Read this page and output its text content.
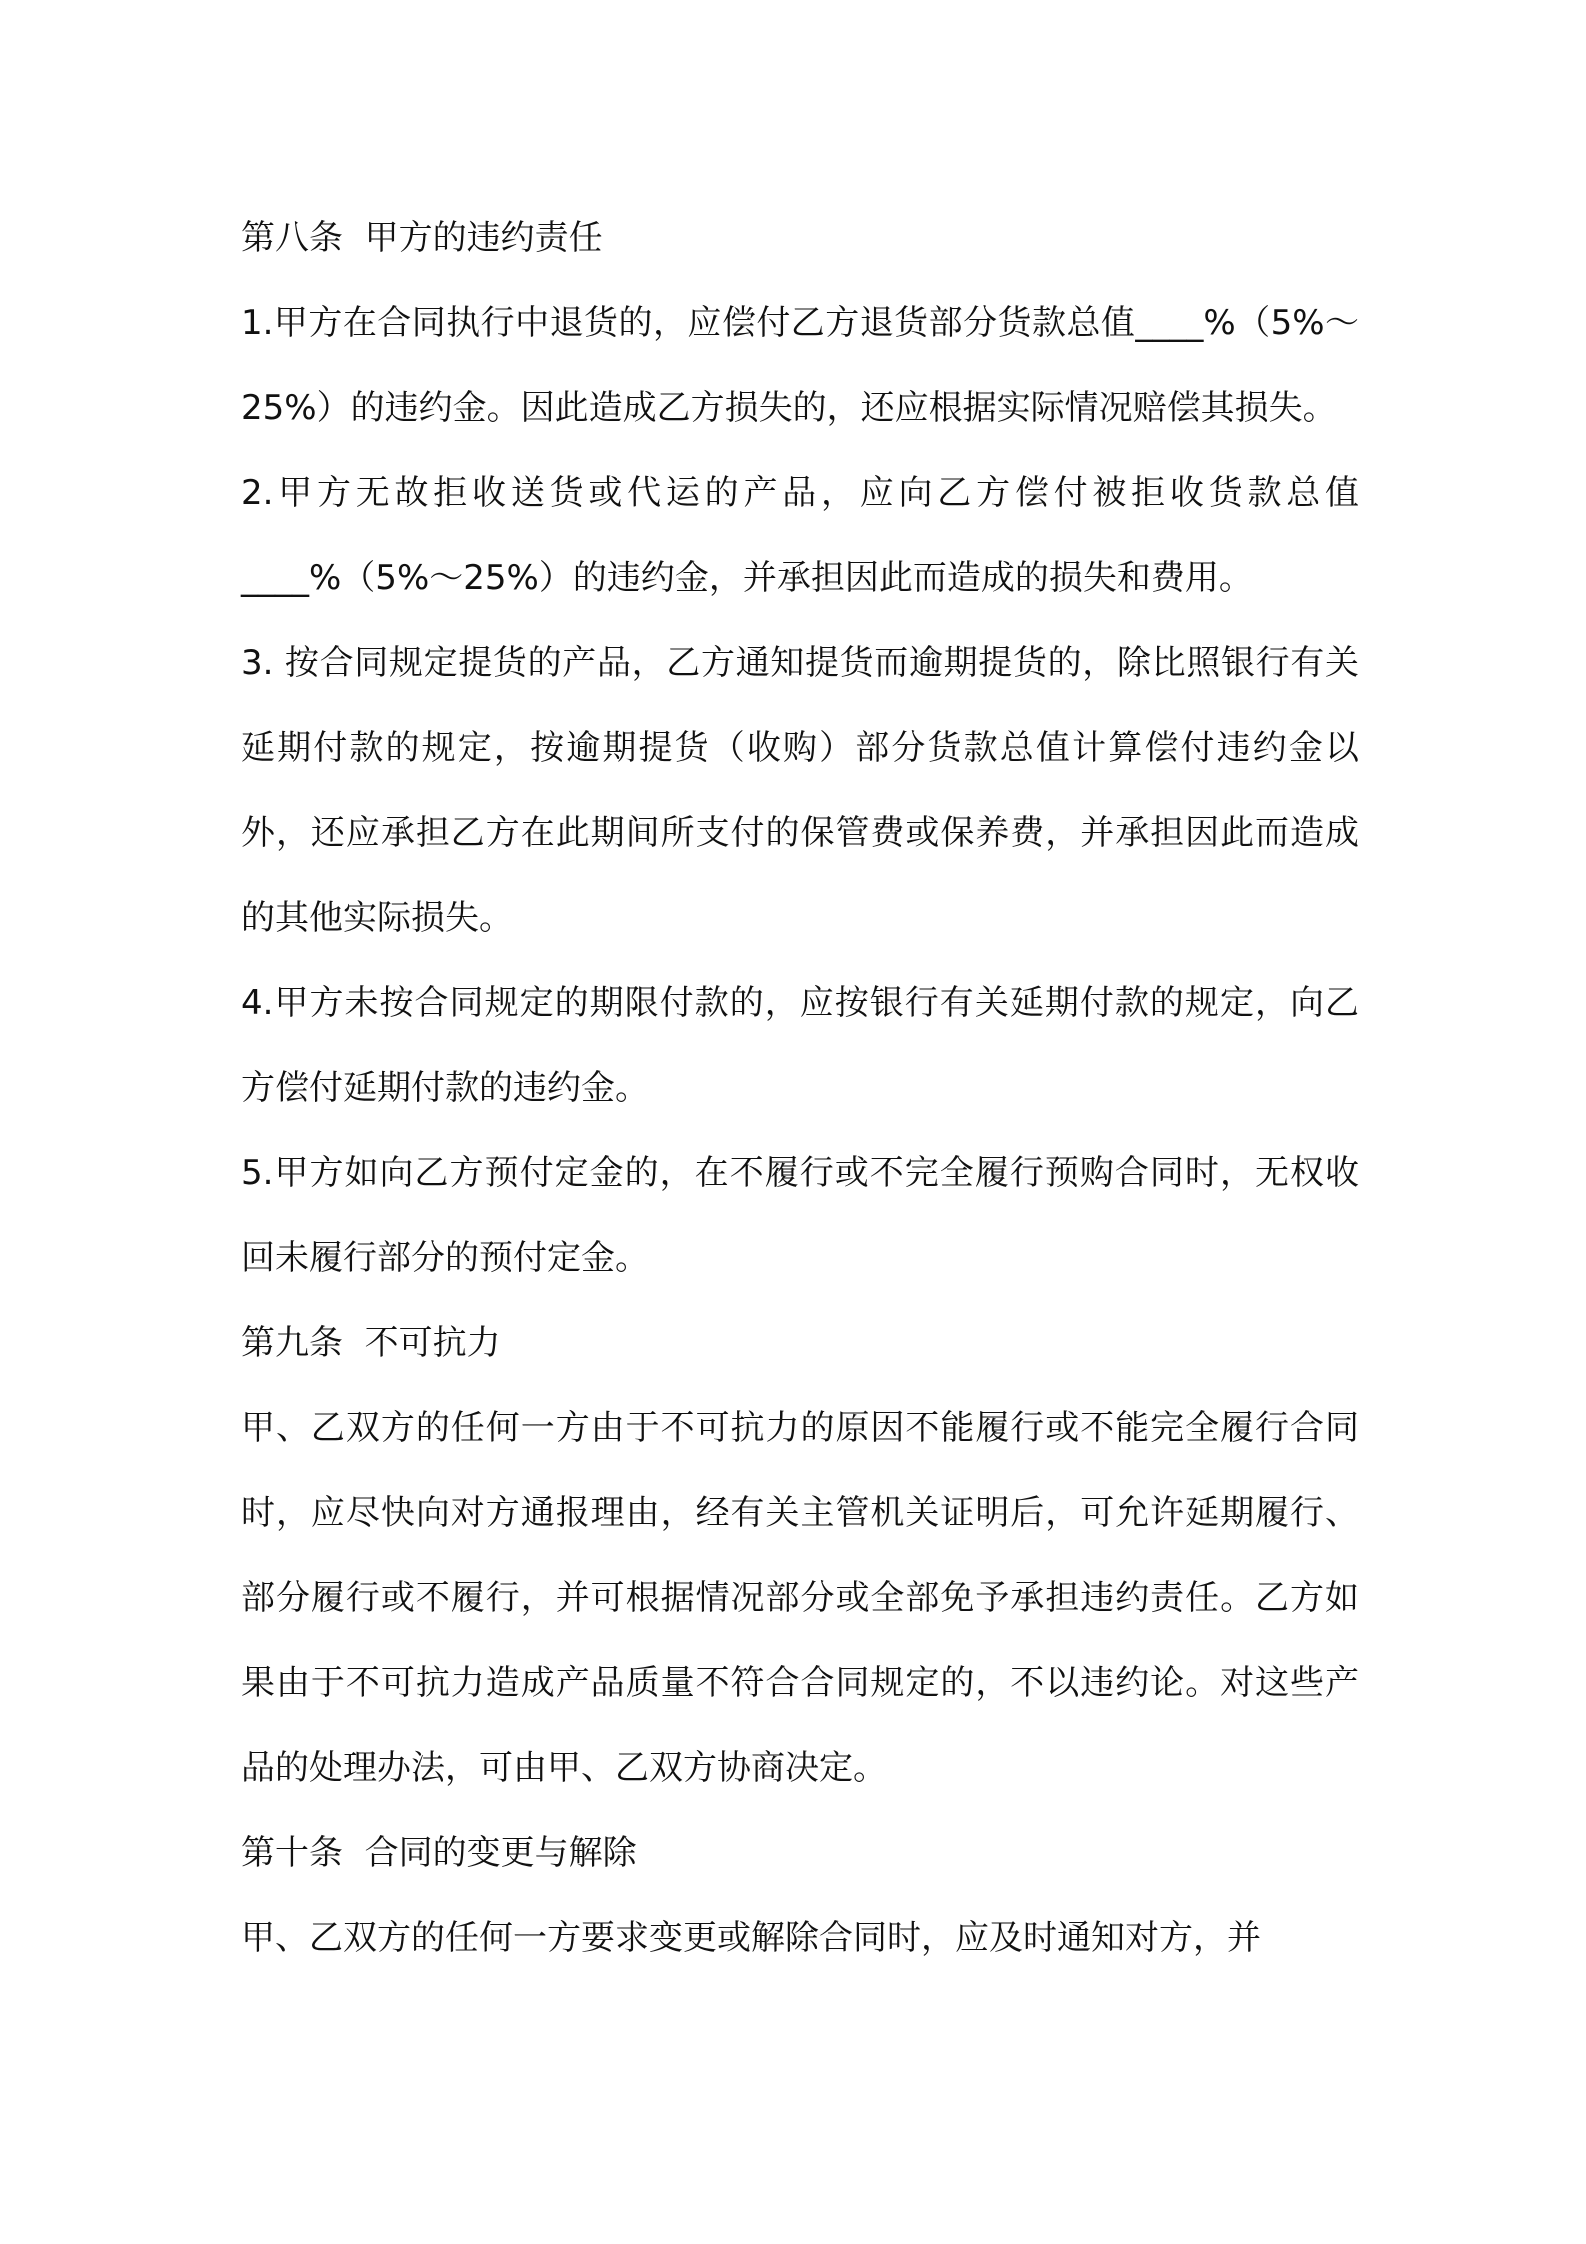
第八条  甲方的违约责任

1.甲方在合同执行中退货的，应偿付乙方退货部分货款总值____%（5%～25%）的违约金。因此造成乙方损失的，还应根据实际情况赔偿其损失。

2.甲方无故拒收送货或代运的产品，应向乙方偿付被拒收货款总值____%（5%～25%）的违约金，并承担因此而造成的损失和费用。

3. 按合同规定提货的产品，乙方通知提货而逾期提货的，除比照银行有关延期付款的规定，按逾期提货（收购）部分货款总值计算偿付违约金以外，还应承担乙方在此期间所支付的保管费或保养费，并承担因此而造成的其他实际损失。

4.甲方未按合同规定的期限付款的，应按银行有关延期付款的规定，向乙方偿付延期付款的违约金。

5.甲方如向乙方预付定金的，在不履行或不完全履行预购合同时，无权收回未履行部分的预付定金。

第九条  不可抗力

甲、乙双方的任何一方由于不可抗力的原因不能履行或不能完全履行合同时，应尽快向对方通报理由，经有关主管机关证明后，可允许延期履行、部分履行或不履行，并可根据情况部分或全部免予承担违约责任。乙方如果由于不可抗力造成产品质量不符合合同规定的，不以违约论。对这些产品的处理办法，可由甲、乙双方协商决定。

第十条  合同的变更与解除

甲、乙双方的任何一方要求变更或解除合同时，应及时通知对方，并
